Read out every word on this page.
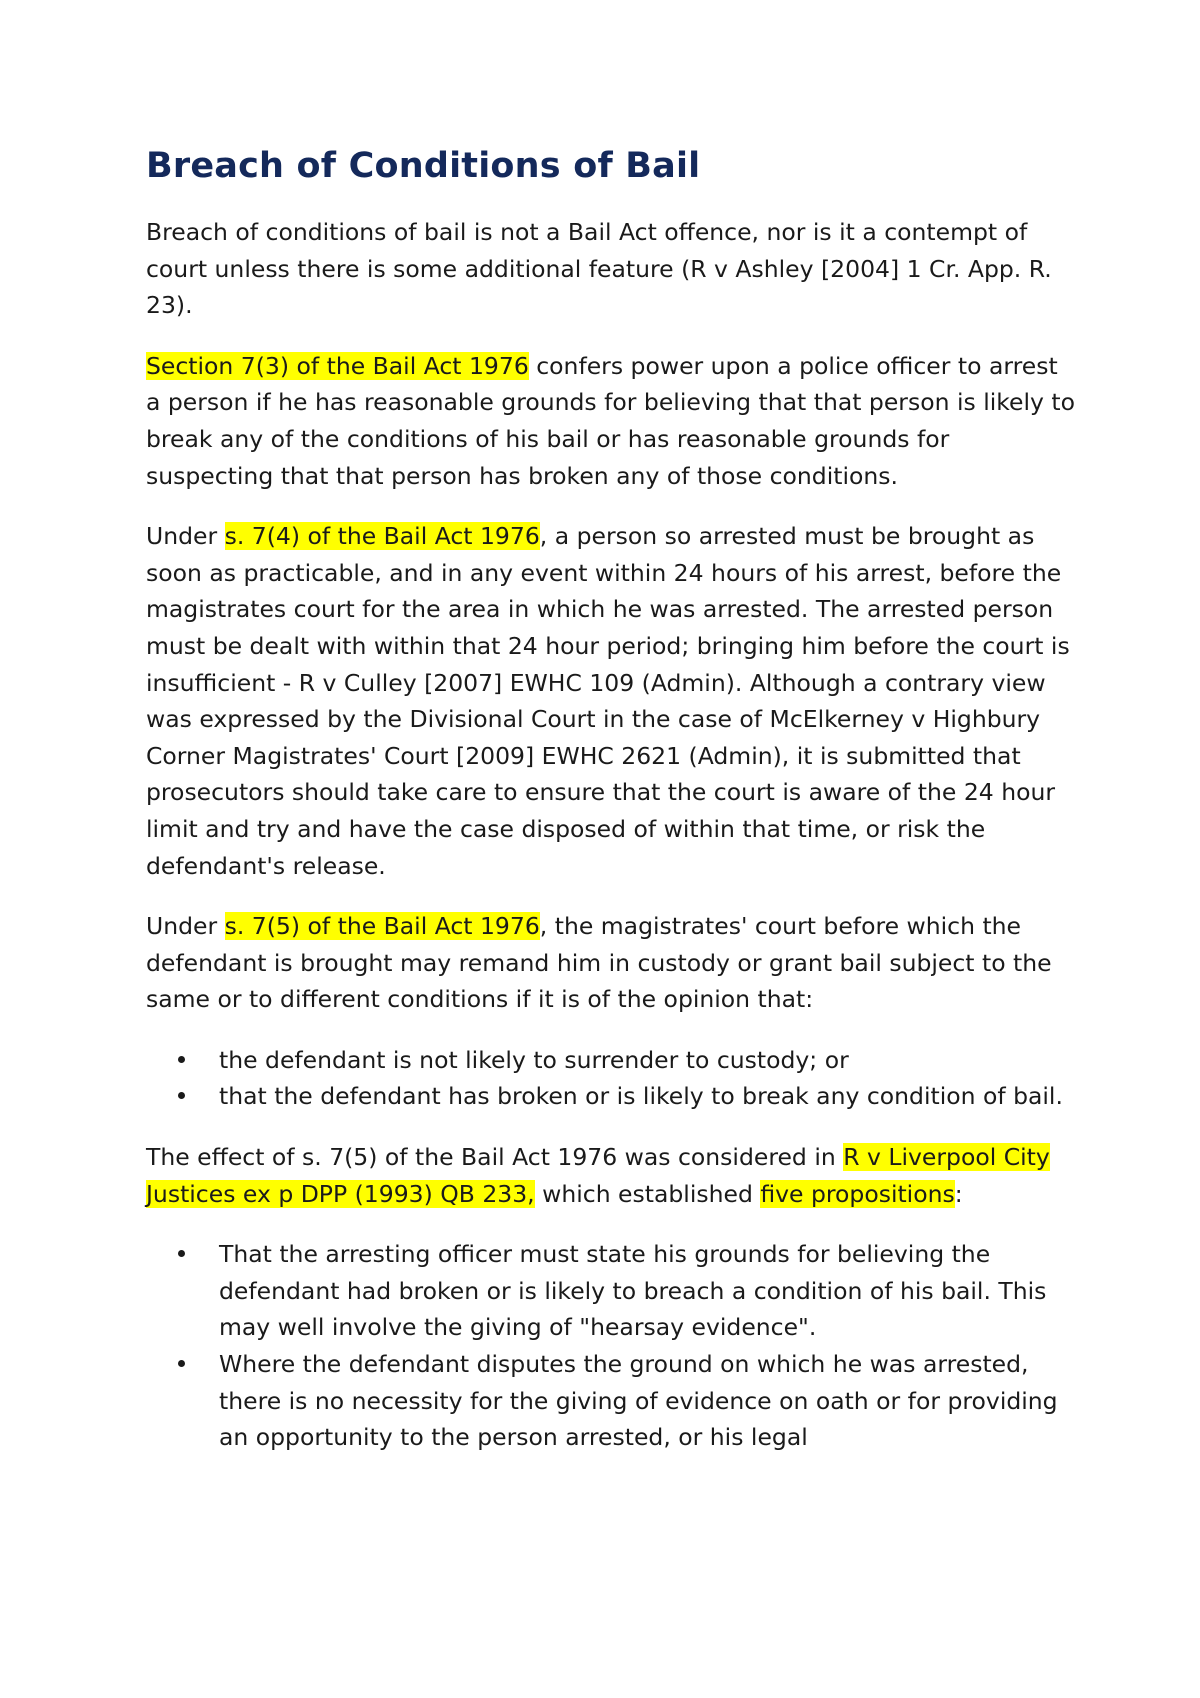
Breach of Conditions of Bail

Breach of conditions of bail is not a Bail Act offence, nor is it a contempt of court unless there is some additional feature (R v Ashley [2004] 1 Cr. App. R. 23).

Section 7(3) of the Bail Act 1976 confers power upon a police officer to arrest a person if he has reasonable grounds for believing that that person is likely to break any of the conditions of his bail or has reasonable grounds for suspecting that that person has broken any of those conditions.

Under s. 7(4) of the Bail Act 1976, a person so arrested must be brought as soon as practicable, and in any event within 24 hours of his arrest, before the magistrates court for the area in which he was arrested. The arrested person must be dealt with within that 24 hour period; bringing him before the court is insufficient - R v Culley [2007] EWHC 109 (Admin). Although a contrary view was expressed by the Divisional Court in the case of McElkerney v Highbury Corner Magistrates' Court [2009] EWHC 2621 (Admin), it is submitted that prosecutors should take care to ensure that the court is aware of the 24 hour limit and try and have the case disposed of within that time, or risk the defendant's release.

Under s. 7(5) of the Bail Act 1976, the magistrates' court before which the defendant is brought may remand him in custody or grant bail subject to the same or to different conditions if it is of the opinion that:

the defendant is not likely to surrender to custody; or
that the defendant has broken or is likely to break any condition of bail.

The effect of s. 7(5) of the Bail Act 1976 was considered in R v Liverpool City Justices ex p DPP (1993) QB 233, which established five propositions:

That the arresting officer must state his grounds for believing the defendant had broken or is likely to breach a condition of his bail. This may well involve the giving of "hearsay evidence".
Where the defendant disputes the ground on which he was arrested, there is no necessity for the giving of evidence on oath or for providing an opportunity to the person arrested, or his legal
